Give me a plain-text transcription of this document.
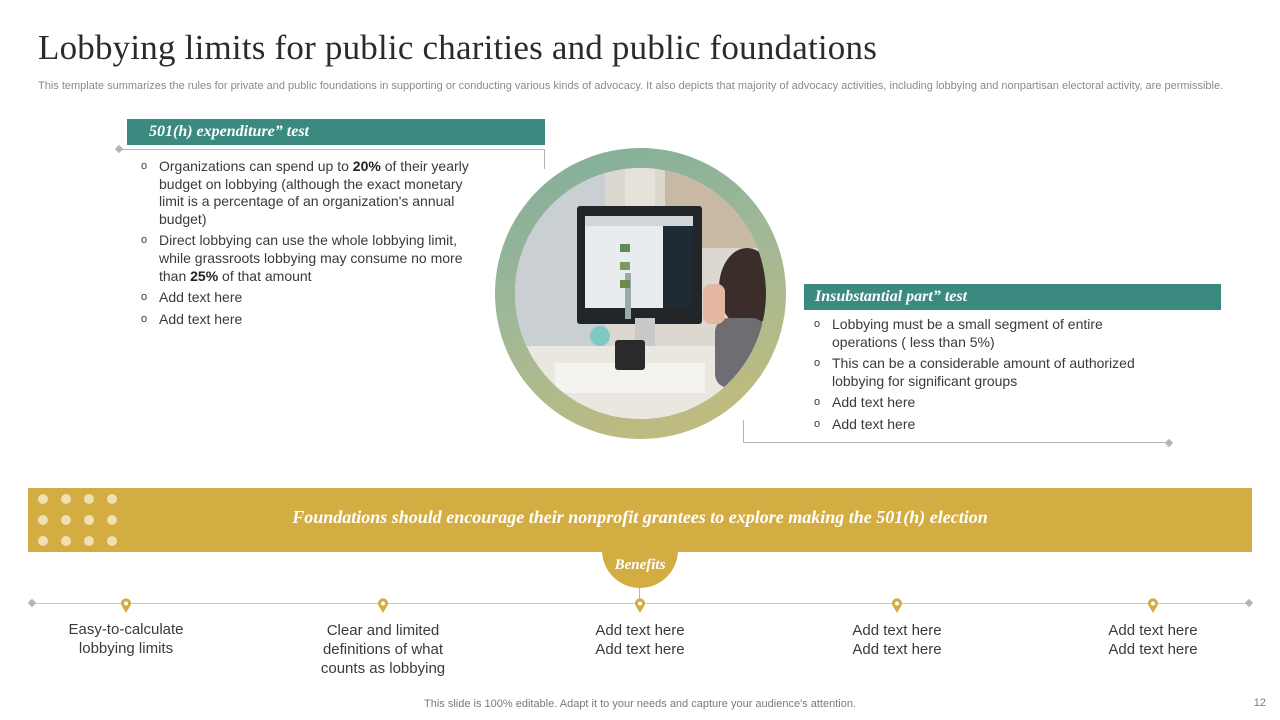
Lobbying limits for public charities and public foundations
This template summarizes the rules for private and public foundations in supporting or conducting various kinds of advocacy. It also depicts that majority of advocacy activities, including lobbying and nonpartisan electoral activity, are permissible.
501(h) expenditure” test
o Organizations can spend up to 20% of their yearly budget on lobbying (although the exact monetary limit is a percentage of an organization's annual budget)
o Direct lobbying can use the whole lobbying limit, while grassroots lobbying may consume no more than 25% of that amount
o Add text here
o Add text here
Insubstantial part” test
o Lobbying must be a small segment of entire operations ( less than 5%)
o This can be a considerable amount of authorized lobbying for significant groups
o Add text here
o Add text here
Foundations should encourage their nonprofit grantees to explore making the 501(h) election
Benefits
Easy-to-calculate
lobbying limits
Clear and limited
definitions of what
counts as lobbying
Add text here
Add text here
Add text here
Add text here
Add text here
Add text here
This slide is 100% editable. Adapt it to your needs and capture your audience's attention.	12
